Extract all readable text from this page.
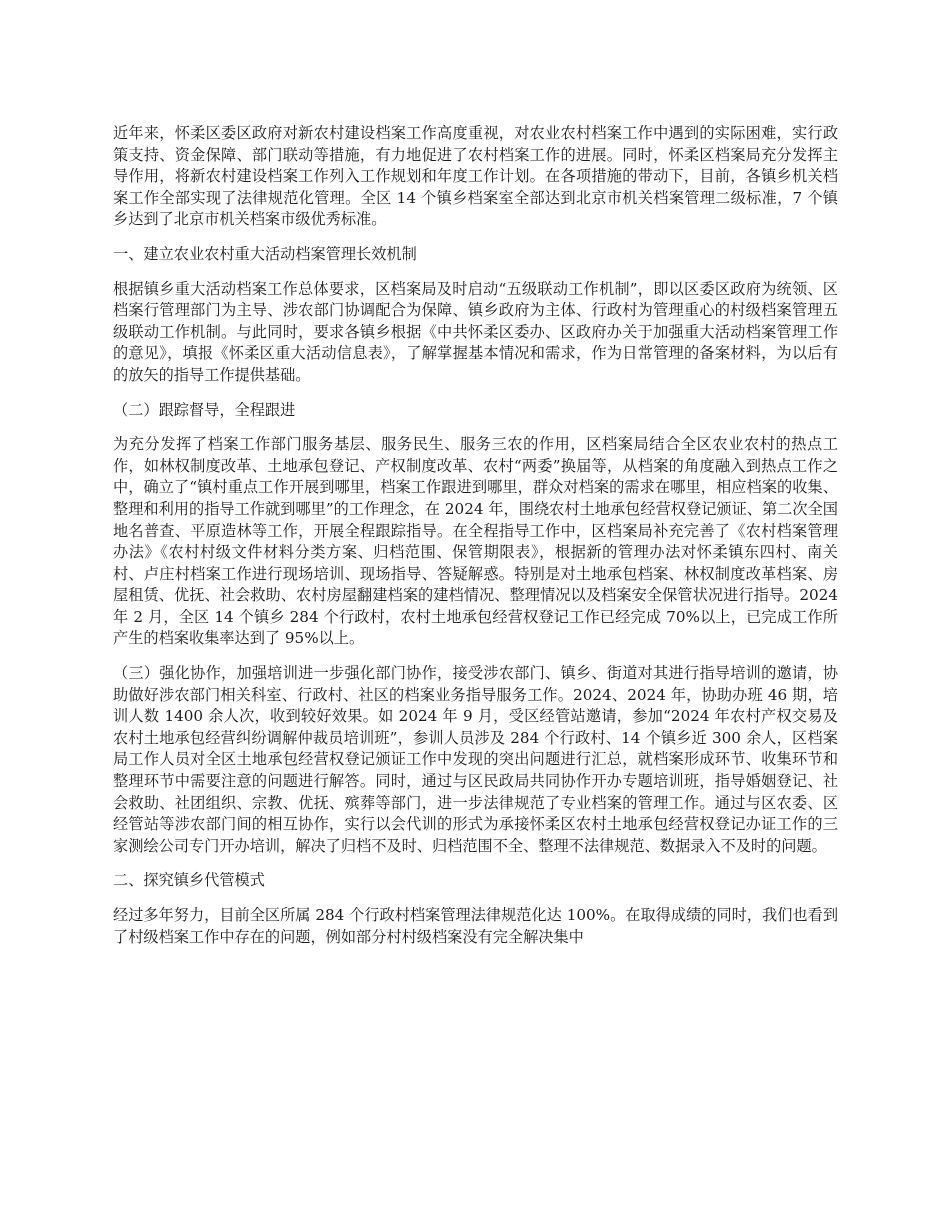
近年来，怀柔区委区政府对新农村建设档案工作高度重视，对农业农村档案工作中遇到的实际困难，实行政策支持、资金保障、部门联动等措施，有力地促进了农村档案工作的进展。同时，怀柔区档案局充分发挥主导作用，将新农村建设档案工作列入工作规划和年度工作计划。在各项措施的带动下，目前，各镇乡机关档案工作全部实现了法律规范化管理。全区 14 个镇乡档案室全部达到北京市机关档案管理二级标准，7 个镇乡达到了北京市机关档案市级优秀标准。

一、建立农业农村重大活动档案管理长效机制

根据镇乡重大活动档案工作总体要求，区档案局及时启动“五级联动工作机制”，即以区委区政府为统领、区档案行管理部门为主导、涉农部门协调配合为保障、镇乡政府为主体、行政村为管理重心的村级档案管理五级联动工作机制。与此同时，要求各镇乡根据《中共怀柔区委办、区政府办关于加强重大活动档案管理工作的意见》，填报《怀柔区重大活动信息表》，了解掌握基本情况和需求，作为日常管理的备案材料，为以后有的放矢的指导工作提供基础。

（二）跟踪督导，全程跟进

为充分发挥了档案工作部门服务基层、服务民生、服务三农的作用，区档案局结合全区农业农村的热点工作，如林权制度改革、土地承包登记、产权制度改革、农村“两委”换届等，从档案的角度融入到热点工作之中，确立了“镇村重点工作开展到哪里，档案工作跟进到哪里，群众对档案的需求在哪里，相应档案的收集、整理和利用的指导工作就到哪里”的工作理念，在 2024 年，围绕农村土地承包经营权登记颁证、第二次全国地名普查、平原造林等工作，开展全程跟踪指导。在全程指导工作中，区档案局补充完善了《农村档案管理办法》《农村村级文件材料分类方案、归档范围、保管期限表》，根据新的管理办法对怀柔镇东四村、南关村、卢庄村档案工作进行现场培训、现场指导、答疑解惑。特别是对土地承包档案、林权制度改革档案、房屋租赁、优抚、社会救助、农村房屋翻建档案的建档情况、整理情况以及档案安全保管状况进行指导。2024 年 2 月，全区 14 个镇乡 284 个行政村，农村土地承包经营权登记工作已经完成 70%以上，已完成工作所产生的档案收集率达到了 95%以上。

（三）强化协作，加强培训进一步强化部门协作，接受涉农部门、镇乡、街道对其进行指导培训的邀请，协助做好涉农部门相关科室、行政村、社区的档案业务指导服务工作。2024、2024 年，协助办班 46 期，培训人数 1400 余人次，收到较好效果。如 2024 年 9 月，受区经管站邀请，参加“2024 年农村产权交易及农村土地承包经营纠纷调解仲裁员培训班”，参训人员涉及 284 个行政村、14 个镇乡近 300 余人，区档案局工作人员对全区土地承包经营权登记颁证工作中发现的突出问题进行汇总，就档案形成环节、收集环节和整理环节中需要注意的问题进行解答。同时，通过与区民政局共同协作开办专题培训班，指导婚姻登记、社会救助、社团组织、宗教、优抚、殡葬等部门，进一步法律规范了专业档案的管理工作。通过与区农委、区经管站等涉农部门间的相互协作，实行以会代训的形式为承接怀柔区农村土地承包经营权登记办证工作的三家测绘公司专门开办培训，解决了归档不及时、归档范围不全、整理不法律规范、数据录入不及时的问题。

二、探究镇乡代管模式

经过多年努力，目前全区所属 284 个行政村档案管理法律规范化达 100%。在取得成绩的同时，我们也看到了村级档案工作中存在的问题，例如部分村村级档案没有完全解决集中
